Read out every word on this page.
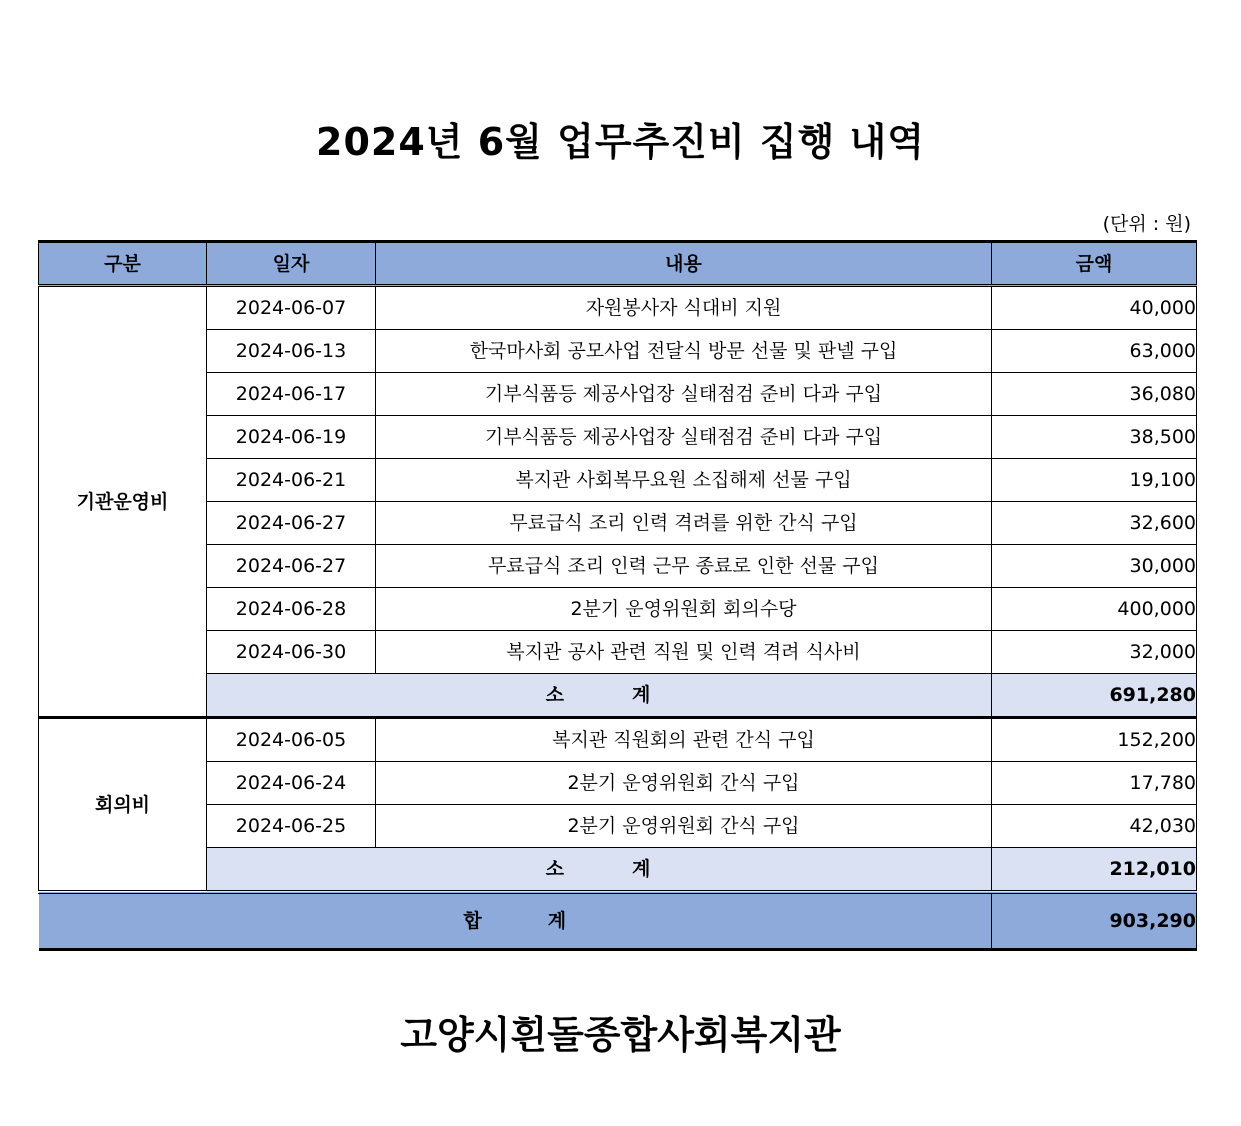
2024년 6월 업무추진비 집행 내역
(단위 : 원)
구분	일자	내용	금액
기관운영비	2024-06-07	자원봉사자 식대비 지원	40,000
	2024-06-13	한국마사회 공모사업 전달식 방문 선물 및 판넬 구입	63,000
	2024-06-17	기부식품등 제공사업장 실태점검 준비 다과 구입	36,080
	2024-06-19	기부식품등 제공사업장 실태점검 준비 다과 구입	38,500
	2024-06-21	복지관 사회복무요원 소집해제 선물 구입	19,100
	2024-06-27	무료급식 조리 인력 격려를 위한 간식 구입	32,600
	2024-06-27	무료급식 조리 인력 근무 종료로 인한 선물 구입	30,000
	2024-06-28	2분기 운영위원회 회의수당	400,000
	2024-06-30	복지관 공사 관련 직원 및 인력 격려 식사비	32,000
	소 계		691,280
회의비	2024-06-05	복지관 직원회의 관련 간식 구입	152,200
	2024-06-24	2분기 운영위원회 간식 구입	17,780
	2024-06-25	2분기 운영위원회 간식 구입	42,030
	소 계		212,010
합 계			903,290
고양시흰돌종합사회복지관
